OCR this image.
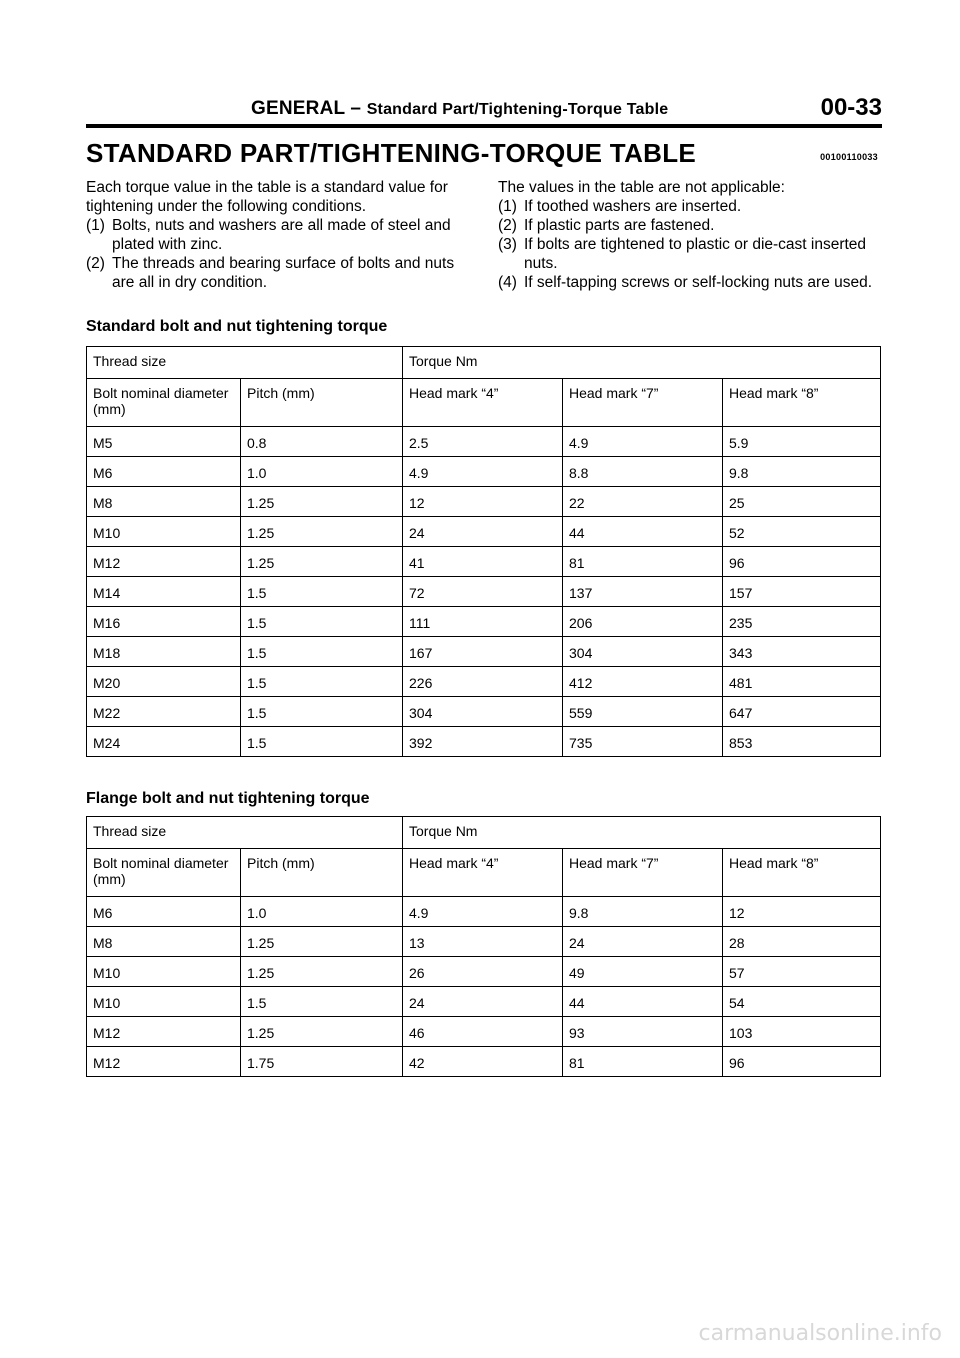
GENERAL – Standard Part/Tightening-Torque Table	00-33
STANDARD PART/TIGHTENING-TORQUE TABLE	00100110033

Each torque value in the table is a standard value for tightening under the following conditions.

(1) Bolts, nuts and washers are all made of steel and plated with zinc.
(2) The threads and bearing surface of bolts and nuts are all in dry condition.

The values in the table are not applicable:

(1) If toothed washers are inserted.
(2) If plastic parts are fastened.
(3) If bolts are tightened to plastic or die-cast inserted nuts.
(4) If self-tapping screws or self-locking nuts are used.
Standard bolt and nut tightening torque
Thread size		Torque Nm		
Bolt nominal diameter (mm)	Pitch (mm)	Head mark “4”	Head mark “7”	Head mark “8”
M5	0.8	2.5	4.9	5.9
M6	1.0	4.9	8.8	9.8
M8	1.25	12	22	25
M10	1.25	24	44	52
M12	1.25	41	81	96
M14	1.5	72	137	157
M16	1.5	111	206	235
M18	1.5	167	304	343
M20	1.5	226	412	481
M22	1.5	304	559	647
M24	1.5	392	735	853
Flange bolt and nut tightening torque
Thread size		Torque Nm		
Bolt nominal diameter (mm)	Pitch (mm)	Head mark “4”	Head mark “7”	Head mark “8”
M6	1.0	4.9	9.8	12
M8	1.25	13	24	28
M10	1.25	26	49	57
M10	1.5	24	44	54
M12	1.25	46	93	103
M12	1.75	42	81	96
carmanualsonline.info
